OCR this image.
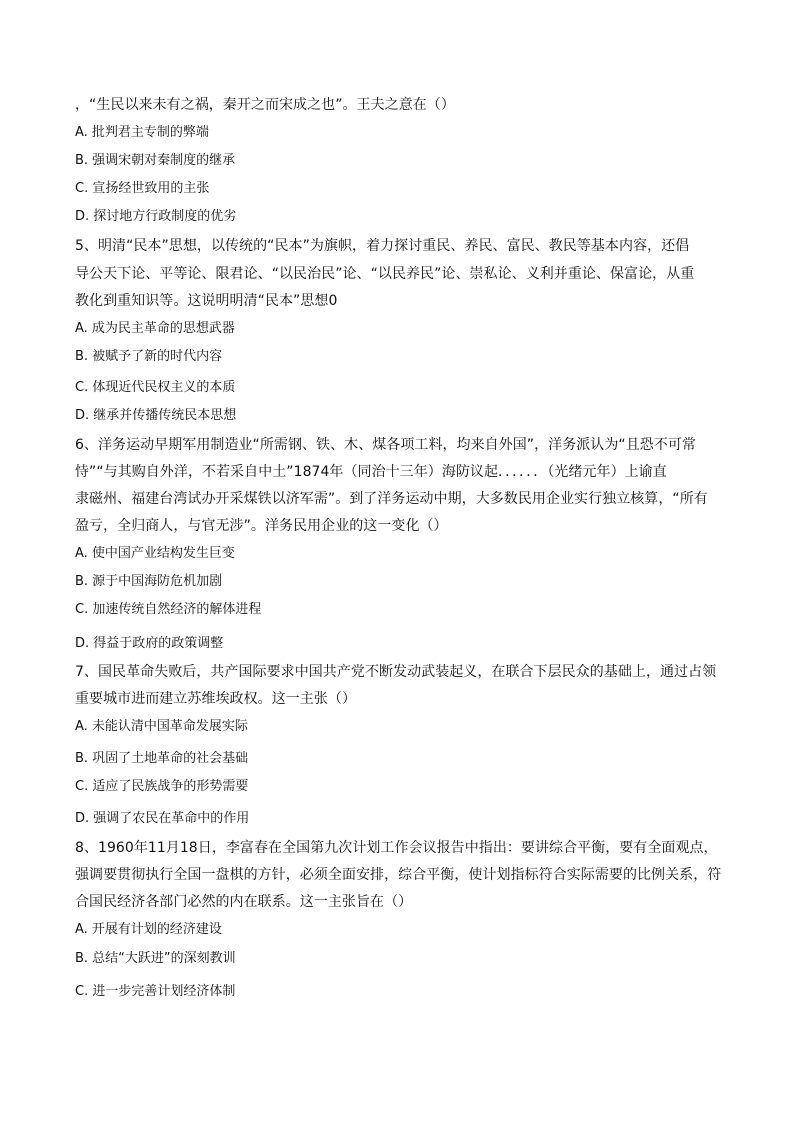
，“生民以来未有之祸，秦开之而宋成之也”。王夫之意在（）
A. 批判君主专制的弊端
B. 强调宋朝对秦制度的继承
C. 宣扬经世致用的主张
D. 探讨地方行政制度的优劣
5、明清“民本”思想，以传统的“民本”为旗帜，着力探讨重民、养民、富民、教民等基本内容，还倡
导公天下论、平等论、限君论、“以民治民”论、“以民养民”论、崇私论、义利并重论、保富论，从重
教化到重知识等。这说明明清“民本”思想0
A. 成为民主革命的思想武器
B. 被赋予了新的时代内容
C. 体现近代民权主义的本质
D. 继承并传播传统民本思想
6、洋务运动早期军用制造业“所需钢、铁、木、煤各项工料，均来自外国”，洋务派认为“且恐不可常
恃”“与其购自外洋，不若采自中土”1874年（同治十三年）海防议起．．．．．．（光绪元年）上谕直
隶磁州、福建台湾试办开采煤铁以济军需”。到了洋务运动中期，大多数民用企业实行独立核算，“所有
盈亏，全归商人，与官无涉”。洋务民用企业的这一变化（）
A. 使中国产业结构发生巨变
B. 源于中国海防危机加剧
C. 加速传统自然经济的解体进程
D. 得益于政府的政策调整
7、国民革命失败后，共产国际要求中国共产党不断发动武装起义，在联合下层民众的基础上，通过占领
重要城市进而建立苏维埃政权。这一主张（）
A. 未能认清中国革命发展实际
B. 巩固了土地革命的社会基础
C. 适应了民族战争的形势需要
D. 强调了农民在革命中的作用
8、1960年11月18日，李富春在全国第九次计划工作会议报告中指出：要讲综合平衡，要有全面观点，
强调要贯彻执行全国一盘棋的方针，必须全面安排，综合平衡，使计划指标符合实际需要的比例关系，符
合国民经济各部门必然的内在联系。这一主张旨在（）
A. 开展有计划的经济建设
B. 总结“大跃进”的深刻教训
C. 进一步完善计划经济体制
